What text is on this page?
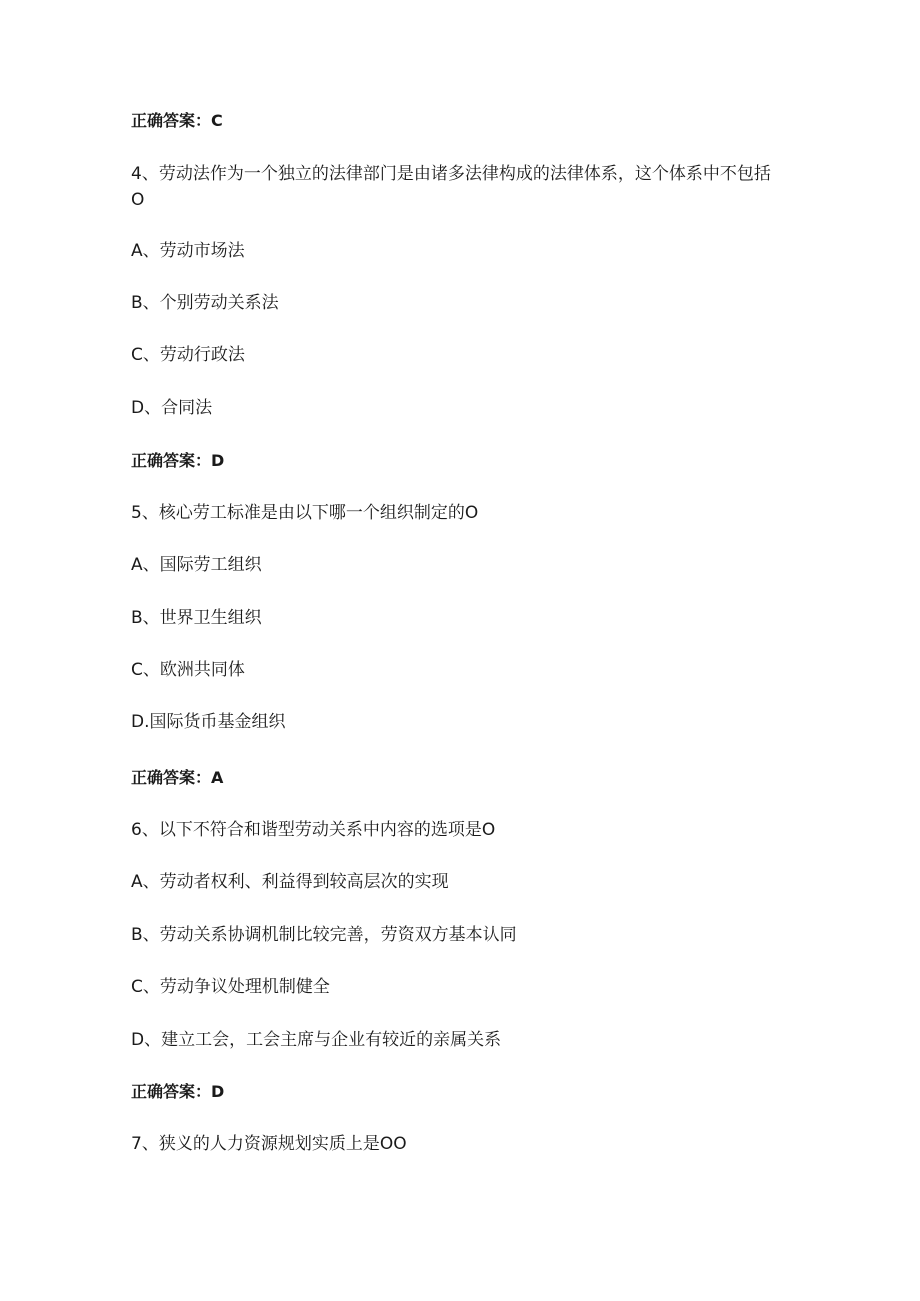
正确答案：C
4、劳动法作为一个独立的法律部门是由诸多法律构成的法律体系，这个体系中不包括O
A、劳动市场法
B、个别劳动关系法
C、劳动行政法
D、合同法
正确答案：D
5、核心劳工标准是由以下哪一个组织制定的O
A、国际劳工组织
B、世界卫生组织
C、欧洲共同体
D.国际货币基金组织
正确答案：A
6、以下不符合和谐型劳动关系中内容的选项是O
A、劳动者权利、利益得到较高层次的实现
B、劳动关系协调机制比较完善，劳资双方基本认同
C、劳动争议处理机制健全
D、建立工会，工会主席与企业有较近的亲属关系
正确答案：D
7、狭义的人力资源规划实质上是OO
